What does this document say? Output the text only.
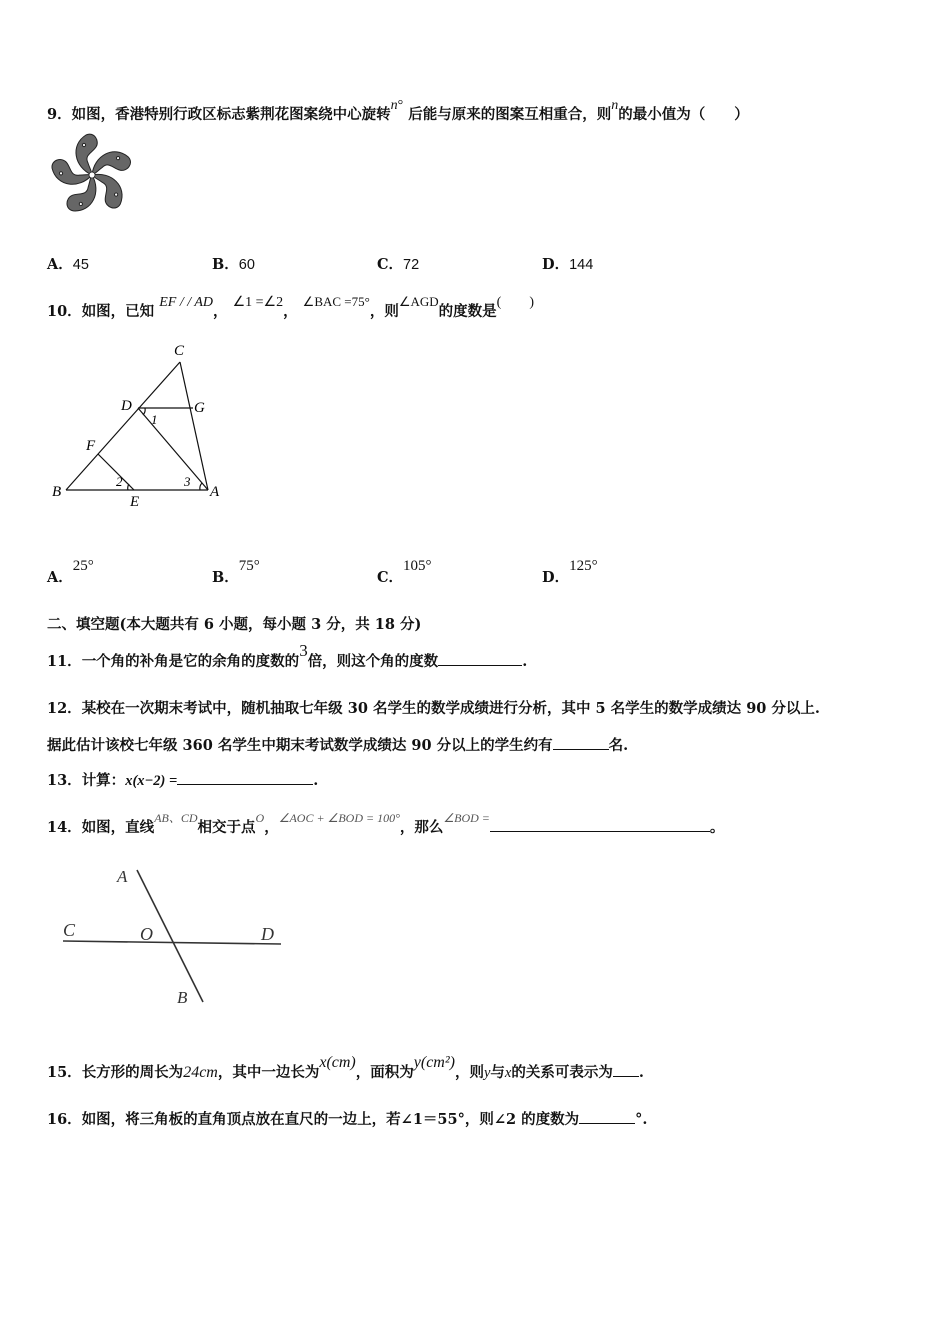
9．如图，香港特别行政区标志紫荆花图案绕中心旋转n° 后能与原来的图案互相重合，则n的最小值为（　　）
A．45	B．60	C．72	D．144
10．如图，已知 EF / / AD， ∠1 =∠2， ∠BAC =75°，则∠AGD的度数是(　　)
C
D	G
1
F
B
2
E
3
A
A．25°
B．75°
C．105°
D．125°
二、填空题(本大题共有 6 小题，每小题 3 分，共 18 分)
11．一个角的补角是它的余角的度数的3倍，则这个角的度数	.
12．某校在一次期末考试中，随机抽取七年级 30 名学生的数学成绩进行分析，其中 5 名学生的数学成绩达 90 分以上.
据此估计该校七年级 360 名学生中期末考试数学成绩达 90 分以上的学生约有	名.
13．计算：x(x−2) =	.
14．如图，直线$^{AB、CD}$相交于点$^O$，$^{\angle AOC + \angle BOD = 100^\circ}$，那么$^{\angle BOD =}$。
A
C	O	D
B
15．长方形的周长为24cm，其中一边长为x(cm)，面积为y(cm²)，则y与x的关系可表示为 .
16．如图，将三角板的直角顶点放在直尺的一边上，若∠1＝55°，则∠2 的度数为	°.
